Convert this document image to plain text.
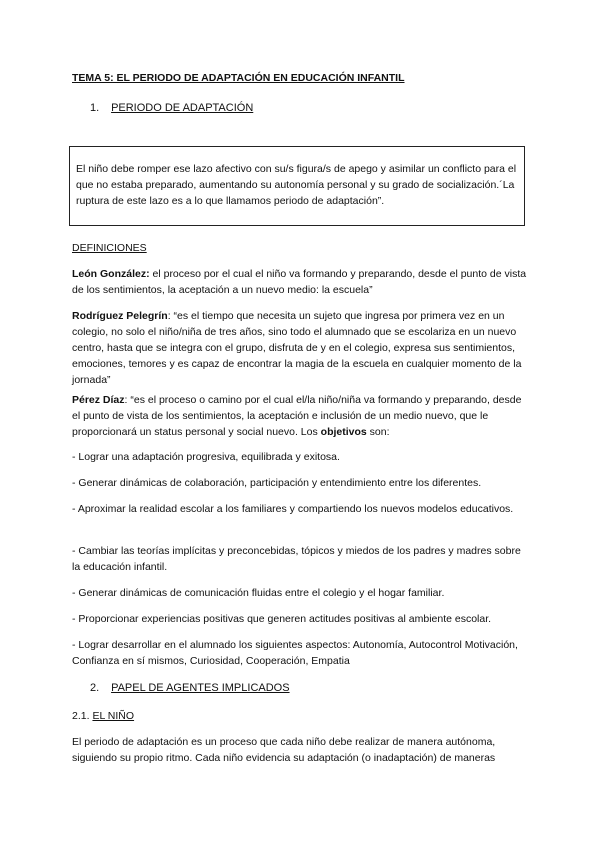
TEMA 5: EL PERIODO DE ADAPTACIÓN EN EDUCACIÓN INFANTIL

1. PERIODO DE ADAPTACIÓN
El niño debe romper ese lazo afectivo con su/s figura/s de apego y asimilar un conflicto para el que no estaba preparado, aumentando su autonomía personal y su grado de socialización.´La ruptura de este lazo es a lo que llamamos periodo de adaptación”.

DEFINICIONES

León González: el proceso por el cual el niño va formando y preparando, desde el punto de vista de los sentimientos, la aceptación a un nuevo medio: la escuela”

Rodríguez Pelegrín: “es el tiempo que necesita un sujeto que ingresa por primera vez en un colegio, no solo el niño/niña de tres años, sino todo el alumnado que se escolariza en un nuevo centro, hasta que se integra con el grupo, disfruta de y en el colegio, expresa sus sentimientos, emociones, temores y es capaz de encontrar la magia de la escuela en cualquier momento de la jornada”

Pérez Díaz: “es el proceso o camino por el cual el/la niño/niña va formando y preparando, desde el punto de vista de los sentimientos, la aceptación e inclusión de un medio nuevo, que le proporcionará un status personal y social nuevo. Los objetivos son:

- Lograr una adaptación progresiva, equilibrada y exitosa.

- Generar dinámicas de colaboración, participación y entendimiento entre los diferentes.

- Aproximar la realidad escolar a los familiares y compartiendo los nuevos modelos educativos.

- Cambiar las teorías implícitas y preconcebidas, tópicos y miedos de los padres y madres sobre la educación infantil.

- Generar dinámicas de comunicación fluidas entre el colegio y el hogar familiar.

- Proporcionar experiencias positivas que generen actitudes positivas al ambiente escolar.

- Lograr desarrollar en el alumnado los siguientes aspectos: Autonomía, Autocontrol Motivación, Confianza en sí mismos, Curiosidad, Cooperación, Empatia

2. PAPEL DE AGENTES IMPLICADOS

2.1. EL NIÑO

El periodo de adaptación es un proceso que cada niño debe realizar de manera autónoma, siguiendo su propio ritmo. Cada niño evidencia su adaptación (o inadaptación) de maneras
